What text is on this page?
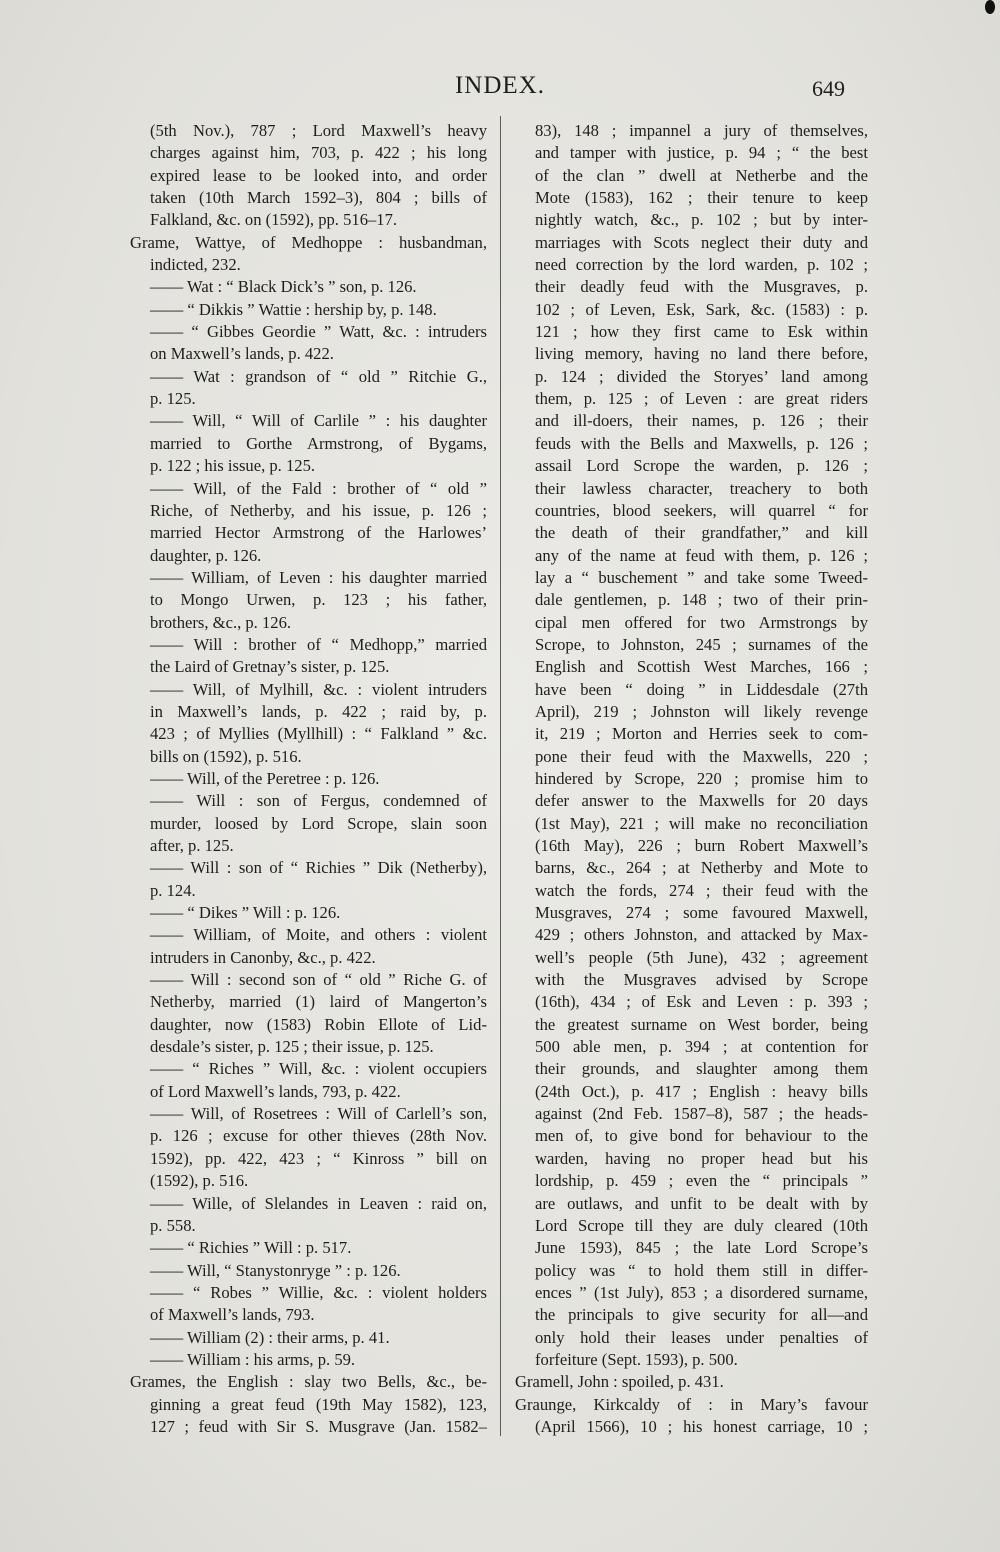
INDEX.	649
(5th Nov.), 787 ; Lord Maxwell’s heavy
charges against him, 703, p. 422 ; his long
expired lease to be looked into, and order
taken (10th March 1592–3), 804 ; bills of
Falkland, &c. on (1592), pp. 516–17.
Grame, Wattye, of Medhoppe : husbandman,
indicted, 232.
—— Wat : “ Black Dick’s ” son, p. 126.
—— “ Dikkis ” Wattie : hership by, p. 148.
—— “ Gibbes Geordie ” Watt, &c. : intruders
on Maxwell’s lands, p. 422.
—— Wat : grandson of “ old ” Ritchie G.,
p. 125.
—— Will, “ Will of Carlile ” : his daughter
married to Gorthe Armstrong, of Bygams,
p. 122 ; his issue, p. 125.
—— Will, of the Fald : brother of “ old ”
Riche, of Netherby, and his issue, p. 126 ;
married Hector Armstrong of the Harlowes’
daughter, p. 126.
—— William, of Leven : his daughter married
to Mongo Urwen, p. 123 ; his father,
brothers, &c., p. 126.
—— Will : brother of “ Medhopp,” married
the Laird of Gretnay’s sister, p. 125.
—— Will, of Mylhill, &c. : violent intruders
in Maxwell’s lands, p. 422 ; raid by, p.
423 ; of Myllies (Myllhill) : “ Falkland ” &c.
bills on (1592), p. 516.
—— Will, of the Peretree : p. 126.
—— Will : son of Fergus, condemned of
murder, loosed by Lord Scrope, slain soon
after, p. 125.
—— Will : son of “ Richies ” Dik (Netherby),
p. 124.
—— “ Dikes ” Will : p. 126.
—— William, of Moite, and others : violent
intruders in Canonby, &c., p. 422.
—— Will : second son of “ old ” Riche G. of
Netherby, married (1) laird of Mangerton’s
daughter, now (1583) Robin Ellote of Lid-
desdale’s sister, p. 125 ; their issue, p. 125.
—— “ Riches ” Will, &c. : violent occupiers
of Lord Maxwell’s lands, 793, p. 422.
—— Will, of Rosetrees : Will of Carlell’s son,
p. 126 ; excuse for other thieves (28th Nov.
1592), pp. 422, 423 ; “ Kinross ” bill on
(1592), p. 516.
—— Wille, of Slelandes in Leaven : raid on,
p. 558.
—— “ Richies ” Will : p. 517.
—— Will, “ Stanystonryge ” : p. 126.
—— “ Robes ” Willie, &c. : violent holders
of Maxwell’s lands, 793.
—— William (2) : their arms, p. 41.
—— William : his arms, p. 59.
Grames, the English : slay two Bells, &c., be-
ginning a great feud (19th May 1582), 123,
127 ; feud with Sir S. Musgrave (Jan. 1582–
83), 148 ; impannel a jury of themselves,
and tamper with justice, p. 94 ; “ the best
of the clan ” dwell at Netherbe and the
Mote (1583), 162 ; their tenure to keep
nightly watch, &c., p. 102 ; but by inter-
marriages with Scots neglect their duty and
need correction by the lord warden, p. 102 ;
their deadly feud with the Musgraves, p.
102 ; of Leven, Esk, Sark, &c. (1583) : p.
121 ; how they first came to Esk within
living memory, having no land there before,
p. 124 ; divided the Storyes’ land among
them, p. 125 ; of Leven : are great riders
and ill-doers, their names, p. 126 ; their
feuds with the Bells and Maxwells, p. 126 ;
assail Lord Scrope the warden, p. 126 ;
their lawless character, treachery to both
countries, blood seekers, will quarrel “ for
the death of their grandfather,” and kill
any of the name at feud with them, p. 126 ;
lay a “ buschement ” and take some Tweed-
dale gentlemen, p. 148 ; two of their prin-
cipal men offered for two Armstrongs by
Scrope, to Johnston, 245 ; surnames of the
English and Scottish West Marches, 166 ;
have been “ doing ” in Liddesdale (27th
April), 219 ; Johnston will likely revenge
it, 219 ; Morton and Herries seek to com-
pone their feud with the Maxwells, 220 ;
hindered by Scrope, 220 ; promise him to
defer answer to the Maxwells for 20 days
(1st May), 221 ; will make no reconciliation
(16th May), 226 ; burn Robert Maxwell’s
barns, &c., 264 ; at Netherby and Mote to
watch the fords, 274 ; their feud with the
Musgraves, 274 ; some favoured Maxwell,
429 ; others Johnston, and attacked by Max-
well’s people (5th June), 432 ; agreement
with the Musgraves advised by Scrope
(16th), 434 ; of Esk and Leven : p. 393 ;
the greatest surname on West border, being
500 able men, p. 394 ; at contention for
their grounds, and slaughter among them
(24th Oct.), p. 417 ; English : heavy bills
against (2nd Feb. 1587–8), 587 ; the heads-
men of, to give bond for behaviour to the
warden, having no proper head but his
lordship, p. 459 ; even the “ principals ”
are outlaws, and unfit to be dealt with by
Lord Scrope till they are duly cleared (10th
June 1593), 845 ; the late Lord Scrope’s
policy was “ to hold them still in differ-
ences ” (1st July), 853 ; a disordered surname,
the principals to give security for all—and
only hold their leases under penalties of
forfeiture (Sept. 1593), p. 500.
Gramell, John : spoiled, p. 431.
Graunge, Kirkcaldy of : in Mary’s favour
(April 1566), 10 ; his honest carriage, 10 ;
